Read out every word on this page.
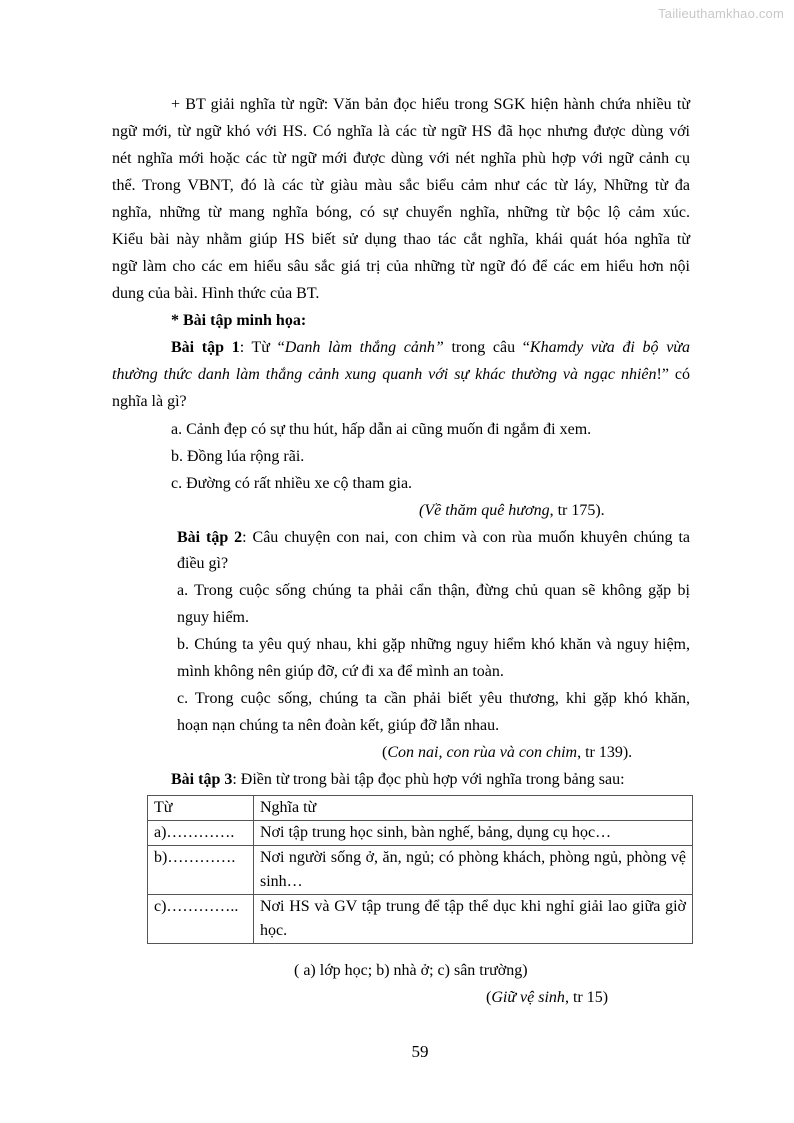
Tailieuthamkhao.com
+ BT giải nghĩa từ ngữ: Văn bản đọc hiểu trong SGK hiện hành chứa nhiều từ
ngữ mới, từ ngữ khó với HS. Có nghĩa là các từ ngữ HS đã học nhưng được dùng với
nét nghĩa mới hoặc các từ ngữ mới được dùng với nét nghĩa phù hợp với ngữ cảnh cụ
thể. Trong VBNT, đó là các từ giàu màu sắc biểu cảm như các từ láy, Những từ đa
nghĩa, những từ mang nghĩa bóng, có sự chuyển nghĩa, những từ bộc lộ cảm xúc.
Kiểu bài này nhằm giúp HS biết sử dụng thao tác cắt nghĩa, khái quát hóa nghĩa từ
ngữ làm cho các em hiểu sâu sắc giá trị của những từ ngữ đó để các em hiểu hơn nội
dung của bài. Hình thức của BT.
* Bài tập minh họa:
Bài tập 1: Từ “Danh làm thắng cảnh” trong câu “Khamdy vừa đi bộ vừa
thường thức danh làm thắng cảnh xung quanh với sự khác thường và ngạc nhiên!” có
nghĩa là gì?
a. Cảnh đẹp có sự thu hút, hấp dẫn ai cũng muốn đi ngắm đi xem.
b. Đồng lúa rộng rãi.
c. Đường có rất nhiều xe cộ tham gia.
(Về thăm quê hương, tr 175).
Bài tập 2: Câu chuyện con nai, con chim và con rùa muốn khuyên chúng ta
điều gì?
a. Trong cuộc sống chúng ta phải cẩn thận, đừng chủ quan sẽ không gặp bị
nguy hiểm.
b. Chúng ta yêu quý nhau, khi gặp những nguy hiểm khó khăn và nguy hiệm,
mình không nên giúp đỡ, cứ đi xa để mình an toàn.
c. Trong cuộc sống, chúng ta cần phải biết yêu thương, khi gặp khó khăn,
hoạn nạn chúng ta nên đoàn kết, giúp đỡ lẫn nhau.
(Con nai, con rùa và con chim, tr 139).
Bài tập 3: Điền từ trong bài tập đọc phù hợp với nghĩa trong bảng sau:
Từ	Nghĩa từ
a)………….	Nơi tập trung học sinh, bàn nghế, bảng, dụng cụ học…
b)………….	Nơi người sống ở, ăn, ngủ; có phòng khách, phòng ngủ, phòng vệ sinh…
c)…………..	Nơi HS và GV tập trung để tập thể dục khi nghỉ giải lao giữa giờ học.
( a) lớp học; b) nhà ở; c) sân trường)
(Giữ vệ sinh, tr 15)
59
